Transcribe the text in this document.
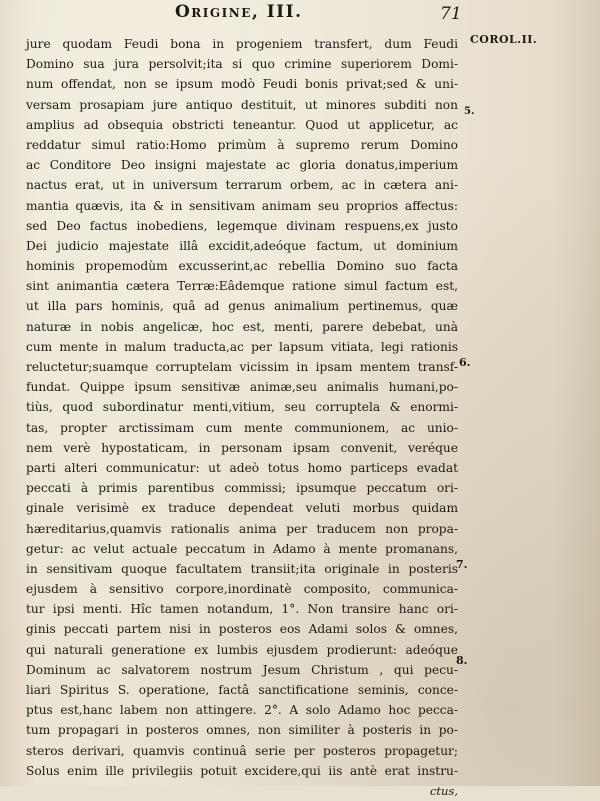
Origine, III.	71
COROL.II.
5.
6.
7.
8.
jure quodam Feudi bona in progeniem transfert, dum Feudi
Domino sua jura persolvit;ita si quo crimine superiorem Domi-
num offendat, non se ipsum modò Feudi bonis privat;sed & uni-
versam prosapiam jure antiquo destituit, ut minores subditi non
amplius ad obsequia obstricti teneantur. Quod ut applicetur, ac
reddatur simul ratio:Homo primùm à supremo rerum Domino
ac Conditore Deo insigni majestate ac gloria donatus,imperium
nactus erat, ut in universum terrarum orbem, ac in cætera ani-
mantia quævis, ita & in sensitivam animam seu proprios affectus:
sed Deo factus inobediens, legemque divinam respuens,ex justo
Dei judicio majestate illâ excidit,adeóque factum, ut dominium
hominis propemodùm excusserint,ac rebellia Domino suo facta
sint animantia cætera Terræ:Eâdemque ratione simul factum est,
ut illa pars hominis, quâ ad genus animalium pertinemus, quæ
naturæ in nobis angelicæ, hoc est, menti, parere debebat, unà
cum mente in malum traducta,ac per lapsum vitiata, legi rationis
reluctetur;suamque corruptelam vicissim in ipsam mentem transf-
fundat. Quippe ipsum sensitivæ animæ,seu animalis humani,po-
tiùs, quod subordinatur menti,vitium, seu corruptela & enormi-
tas, propter arctissimam cum mente communionem, ac unio-
nem verè hypostaticam, in personam ipsam convenit, veréque
parti alteri communicatur: ut adeò totus homo particeps evadat
peccati à primis parentibus commissi; ipsumque peccatum ori-
ginale verisimè ex traduce dependeat veluti morbus quidam
hæreditarius,quamvis rationalis anima per traducem non propa-
getur: ac velut actuale peccatum in Adamo à mente promanans,
in sensitivam quoque facultatem transiit;ita originale in posteris
ejusdem à sensitivo corpore,inordinatè composito, communica-
tur ipsi menti. Hîc tamen notandum, 1°. Non transire hanc ori-
ginis peccati partem nisi in posteros eos Adami solos & omnes,
qui naturali generatione ex lumbis ejusdem prodierunt: adeóque
Dominum ac salvatorem nostrum Jesum Christum , qui pecu-
liari Spiritus S. operatione, factâ sanctificatione seminis, conce-
ptus est,hanc labem non attingere. 2°. A solo Adamo hoc pecca-
tum propagari in posteros omnes, non similiter à posteris in po-
steros derivari, quamvis continuâ serie per posteros propagetur;
Solus enim ille privilegiis potuit excidere,qui iis antè erat instru-
ctus,
